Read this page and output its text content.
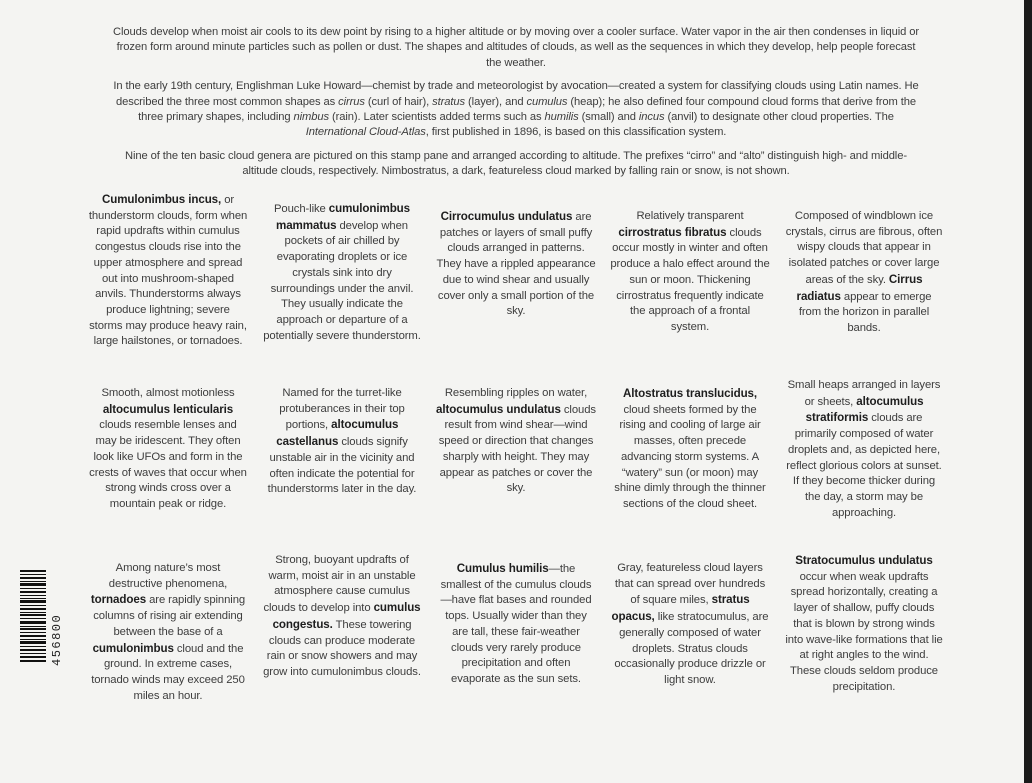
Clouds develop when moist air cools to its dew point by rising to a higher altitude or by moving over a cooler surface. Water vapor in the air then condenses in liquid or frozen form around minute particles such as pollen or dust. The shapes and altitudes of clouds, as well as the sequences in which they develop, help people forecast the weather.

In the early 19th century, Englishman Luke Howard—chemist by trade and meteorologist by avocation—created a system for classifying clouds using Latin names. He described the three most common shapes as cirrus (curl of hair), stratus (layer), and cumulus (heap); he also defined four compound cloud forms that derive from the three primary shapes, including nimbus (rain). Later scientists added terms such as humilis (small) and incus (anvil) to designate other cloud properties. The International Cloud-Atlas, first published in 1896, is based on this classification system.

Nine of the ten basic cloud genera are pictured on this stamp pane and arranged according to altitude. The prefixes “cirro” and “alto” distinguish high- and middle-altitude clouds, respectively. Nimbostratus, a dark, featureless cloud marked by falling rain or snow, is not shown.

Cumulonimbus incus, or thunderstorm clouds, form when rapid updrafts within cumulus congestus clouds rise into the upper atmosphere and spread out into mushroom-shaped anvils. Thunderstorms always produce lightning; severe storms may produce heavy rain, large hailstones, or tornadoes.
Pouch-like cumulonimbus mammatus develop when pockets of air chilled by evaporating droplets or ice crystals sink into dry surroundings under the anvil. They usually indicate the approach or departure of a potentially severe thunderstorm.
Cirrocumulus undulatus are patches or layers of small puffy clouds arranged in patterns. They have a rippled appearance due to wind shear and usually cover only a small portion of the sky.
Relatively transparent cirrostratus fibratus clouds occur mostly in winter and often produce a halo effect around the sun or moon. Thickening cirrostratus frequently indicate the approach of a frontal system.
Composed of windblown ice crystals, cirrus are fibrous, often wispy clouds that appear in isolated patches or cover large areas of the sky. Cirrus radiatus appear to emerge from the horizon in parallel bands.
Smooth, almost motionless altocumulus lenticularis clouds resemble lenses and may be iridescent. They often look like UFOs and form in the crests of waves that occur when strong winds cross over a mountain peak or ridge.
Named for the turret-like protuberances in their top portions, altocumulus castellanus clouds signify unstable air in the vicinity and often indicate the potential for thunderstorms later in the day.
Resembling ripples on water, altocumulus undulatus clouds result from wind shear—wind speed or direction that changes sharply with height. They may appear as patches or cover the sky.
Altostratus translucidus, cloud sheets formed by the rising and cooling of large air masses, often precede advancing storm systems. A “watery” sun (or moon) may shine dimly through the thinner sections of the cloud sheet.
Small heaps arranged in layers or sheets, altocumulus stratiformis clouds are primarily composed of water droplets and, as depicted here, reflect glorious colors at sunset. If they become thicker during the day, a storm may be approaching.
Among nature’s most destructive phenomena, tornadoes are rapidly spinning columns of rising air extending between the base of a cumulonimbus cloud and the ground. In extreme cases, tornado winds may exceed 250 miles an hour.
Strong, buoyant updrafts of warm, moist air in an unstable atmosphere cause cumulus clouds to develop into cumulus congestus. These towering clouds can produce moderate rain or snow showers and may grow into cumulonimbus clouds.
Cumulus humilis—the smallest of the cumulus clouds—have flat bases and rounded tops. Usually wider than they are tall, these fair-weather clouds very rarely produce precipitation and often evaporate as the sun sets.
Gray, featureless cloud layers that can spread over hundreds of square miles, stratus opacus, like stratocumulus, are generally composed of water droplets. Stratus clouds occasionally produce drizzle or light snow.
Stratocumulus undulatus occur when weak updrafts spread horizontally, creating a layer of shallow, puffy clouds that is blown by strong winds into wave-like formations that lie at right angles to the wind. These clouds seldom produce precipitation.
456800
